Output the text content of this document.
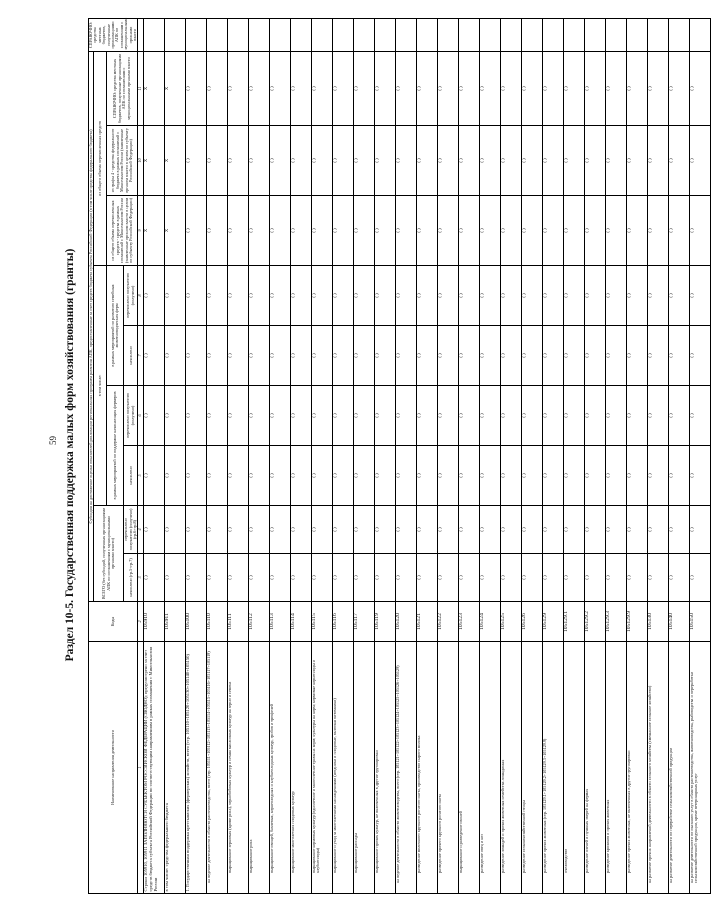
59 Раздел 10-5. Государственная поддержка малых форм хозяйствования (гранты)
Наименование направления деятельности	Коды	Субсидия на достижение оценки показателей реализации региональных программ развития АПК, предоставленные за счет средств бюджета субъекта Российской Федерации (в том числе средства федерального бюджета)									СПРАВОЧНО: средства местных бюджетов, полученные организациями АПК по соглашениям с муниципальными органами власти
		ВСЕГО (без субсидий, полученных организациями АПК по соглашениям с муниципальными органами власти)		в том числе:				из общего объема перечисленных средств			
				в рамках мероприятий по поддержке начинающих фермеров		в рамках мероприятий по развитию семейных животноводческих ферм		из общего объема перечисленных средств - средства в рамках соглашений с Минсельхозом России (заявленные органом власти в целом по субъекту Российской Федерации)	из графы 4 - средства федерального бюджета в рамках соглашений с Минсельхозом России (заявленные органом власти в целом по субъекту Российской Федерации)	СПРАВОЧНО: средства местных бюджетов, полученные организациями АПК по соглашениям с муниципальными органами власти	
		начислено (гр.5+гр.7)	перечислено получателю (получено) (гр.6+гр.8)	начислено	перечислено получателю (получено)	начислено	перечислено получателю (получено)				
1	2	3	4	5	6	7	8	9	10	11	
Строки 105910, 105911 ЗАПОЛНЯЮТСЯ СУБЪЕКТОМ РОССИЙСКОЙ ФЕДЕРАЦИИ (СВОДНО); предусмотрено за счет средств бюджета субъекта Российской Федерации по соответствующим направлениям в рамках соглашения с Минсельхозом России	105910	( )	( )	( )	( )	( )	( )	X	X	X	
в том числе: средства федерального бюджета	105911	( )	( )	( )	( )	( )	( )	X	X	X	
1. Государственная поддержка крестьянских (фермерских) хозяйств, всего (стр. 105110+105120+105130+105140+105150)	105100	( )	( )	( )	( )	( )	( )	( )	( )	( )	
на ведение деятельности в области растениеводства, всего (стр. 105111+105112+105113+105114+105115+105116+105117+105119)	105110	( )	( )	( )	( )	( )	( )	( )	( )	( )	
выращивание зерновых (кроме риса), зернобобовых культур и семян масличных культур на зерно и семена	105111	( )	( )	( )	( )	( )	( )	( )	( )	( )	
выращивание риса	105112	( )	( )	( )	( )	( )	( )	( )	( )	( )	
выращивание овощей, бахчевых, корнеплодных и клубнеплодных культур, грибов и трюфелей	105113	( )	( )	( )	( )	( )	( )	( )	( )	( )	
выращивание многолетних плодовых культур	105114	( )	( )	( )	( )	( )	( )	( )	( )	( )	
выращивание кормовых культур (однолетние и многолетние травы на корм; культуры на корм; кормовые корнеплоды и клубнеплоды)	105115	( )	( )	( )	( )	( )	( )	( )	( )	( )	
выращивание и уход за многолетними насаждениями (ягодники и плодовые, включая питомники)	105116	( )	( )	( )	( )	( )	( )	( )	( )	( )	
выращивание рассады	105117	( )	( )	( )	( )	( )	( )	( )	( )	( )	
выращивание прочих культур, не включенных в другие группировки	105119	( )	( )	( )	( )	( )	( )	( )	( )	( )	
на ведение деятельности в области животноводства, всего (стр. 105121+105122+105123+105124+105125+105126+105129)	105120	( )	( )	( )	( )	( )	( )	( )	( )	( )	
разведение молочного крупного рогатого скота, производство сырого молока	105121	( )	( )	( )	( )	( )	( )	( )	( )	( )	
разведение прочего крупного рогатого скота	105122	( )	( )	( )	( )	( )	( )	( )	( )	( )	
выращивание и разведение свиней	105123	( )	( )	( )	( )	( )	( )	( )	( )	( )	
разведение овец и коз	105124	( )	( )	( )	( )	( )	( )	( )	( )	( )	
разведение лошадей и прочих животных семейства лошадиных	105125	( )	( )	( )	( )	( )	( )	( )	( )	( )	
разведение сельскохозяйственной птицы	105126	( )	( )	( )	( )	( )	( )	( )	( )	( )	
разведение прочих животных (стр. 105129.1+105129.2+105129.3+105129.9)	105129	( )	( )	( )	( )	( )	( )	( )	( )	( )	
пчеловодство	105129.1	( )	( )	( )	( )	( )	( )	( )	( )	( )	
разведение оленей и пушных зверей на фермах	105129.2	( )	( )	( )	( )	( )	( )	( )	( )	( )	
разведение кроликов и прочих животных	105129.3	( )	( )	( )	( )	( )	( )	( )	( )	( )	
разведение прочих животных, не включенных в другие группировки	105129.9	( )	( )	( )	( )	( )	( )	( )	( )	( )	
на развитие прочих направлений деятельности в области сельского хозяйства (смешанное сельское хозяйство)	105130	( )	( )	( )	( )	( )	( )	( )	( )	( )	
на развитие деятельности по переработке сельскохозяйственной продукции	105140	( )	( )	( )	( )	( )	( )	( )	( )	( )	
на развитие деятельности по оказанию услуг в области растениеводства, животноводства, рыбоводства и переработки сельскохозяйственной продукции, кроме ветеринарных услуг	105150	( )	( )	( )	( )	( )	( )	( )	( )	( )	
